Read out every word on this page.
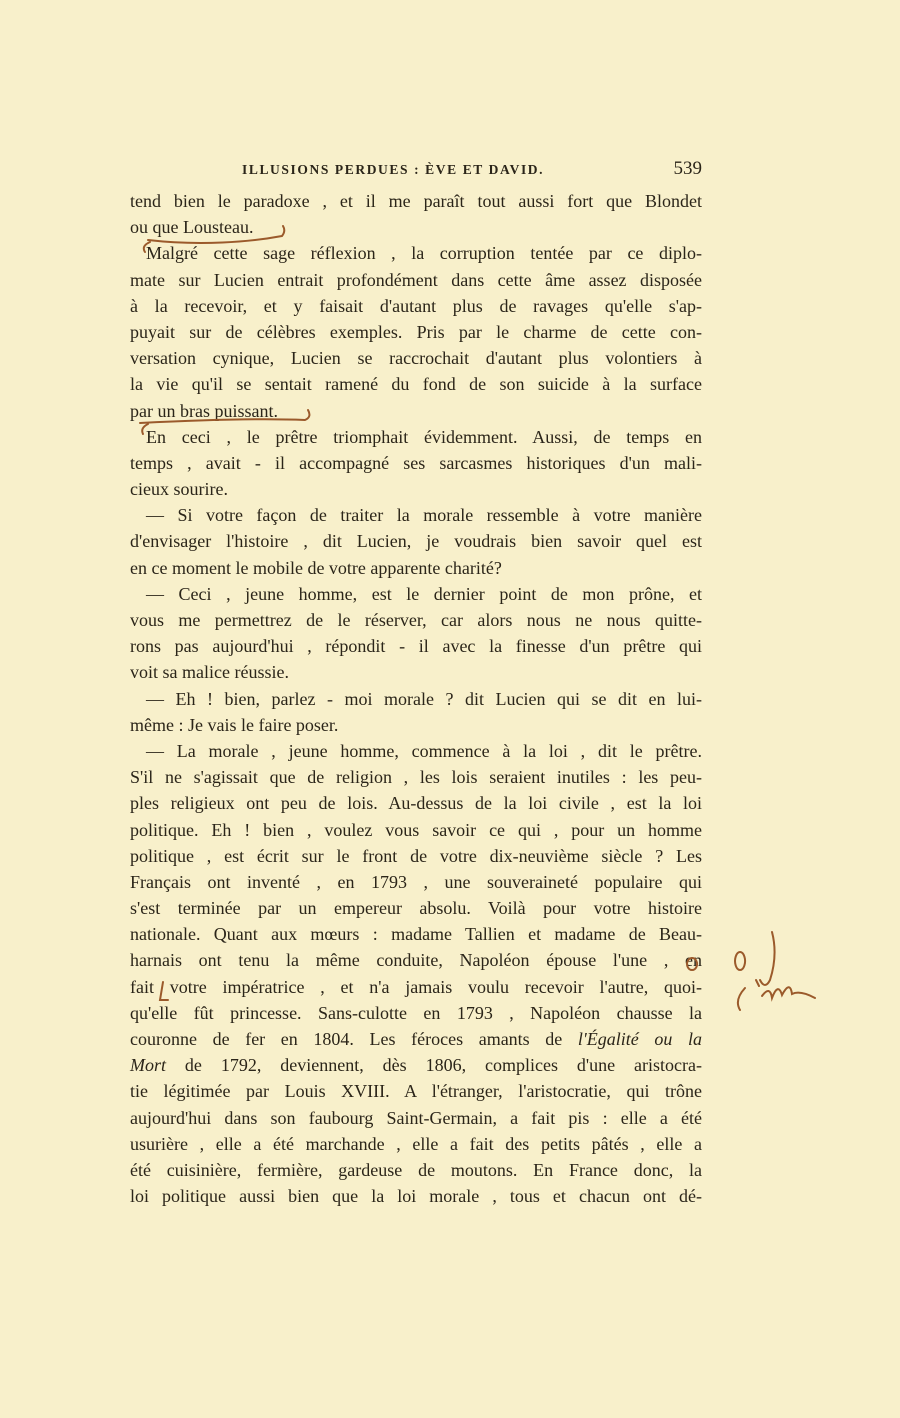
ILLUSIONS PERDUES : ÈVE ET DAVID.	539
tend bien le paradoxe , et il me paraît tout aussi fort que Blondet
ou que Lousteau.
Malgré cette sage réflexion , la corruption tentée par ce diplo-
mate sur Lucien entrait profondément dans cette âme assez disposée
à la recevoir, et y faisait d'autant plus de ravages qu'elle s'ap-
puyait sur de célèbres exemples. Pris par le charme de cette con-
versation cynique, Lucien se raccrochait d'autant plus volontiers à
la vie qu'il se sentait ramené du fond de son suicide à la surface
par un bras puissant.
En ceci , le prêtre triomphait évidemment. Aussi, de temps en
temps , avait - il accompagné ses sarcasmes historiques d'un mali-
cieux sourire.
— Si votre façon de traiter la morale ressemble à votre manière
d'envisager l'histoire , dit Lucien, je voudrais bien savoir quel est
en ce moment le mobile de votre apparente charité?
— Ceci , jeune homme, est le dernier point de mon prône, et
vous me permettrez de le réserver, car alors nous ne nous quitte-
rons pas aujourd'hui , répondit - il avec la finesse d'un prêtre qui
voit sa malice réussie.
— Eh ! bien, parlez - moi morale ? dit Lucien qui se dit en lui-
même : Je vais le faire poser.
— La morale , jeune homme, commence à la loi , dit le prêtre.
S'il ne s'agissait que de religion , les lois seraient inutiles : les peu-
ples religieux ont peu de lois. Au-dessus de la loi civile , est la loi
politique. Eh ! bien , voulez vous savoir ce qui , pour un homme
politique , est écrit sur le front de votre dix-neuvième siècle ? Les
Français ont inventé , en 1793 , une souveraineté populaire qui
s'est terminée par un empereur absolu. Voilà pour votre histoire
nationale. Quant aux mœurs : madame Tallien et madame de Beau-
harnais ont tenu la même conduite, Napoléon épouse l'une , en
fait votre impératrice , et n'a jamais voulu recevoir l'autre, quoi-
qu'elle fût princesse. Sans-culotte en 1793 , Napoléon chausse la
couronne de fer en 1804. Les féroces amants de l'Égalité ou la
Mort de 1792, deviennent, dès 1806, complices d'une aristocra-
tie légitimée par Louis XVIII. A l'étranger, l'aristocratie, qui trône
aujourd'hui dans son faubourg Saint-Germain, a fait pis : elle a été
usurière , elle a été marchande , elle a fait des petits pâtés , elle a
été cuisinière, fermière, gardeuse de moutons. En France donc, la
loi politique aussi bien que la loi morale , tous et chacun ont dé-
